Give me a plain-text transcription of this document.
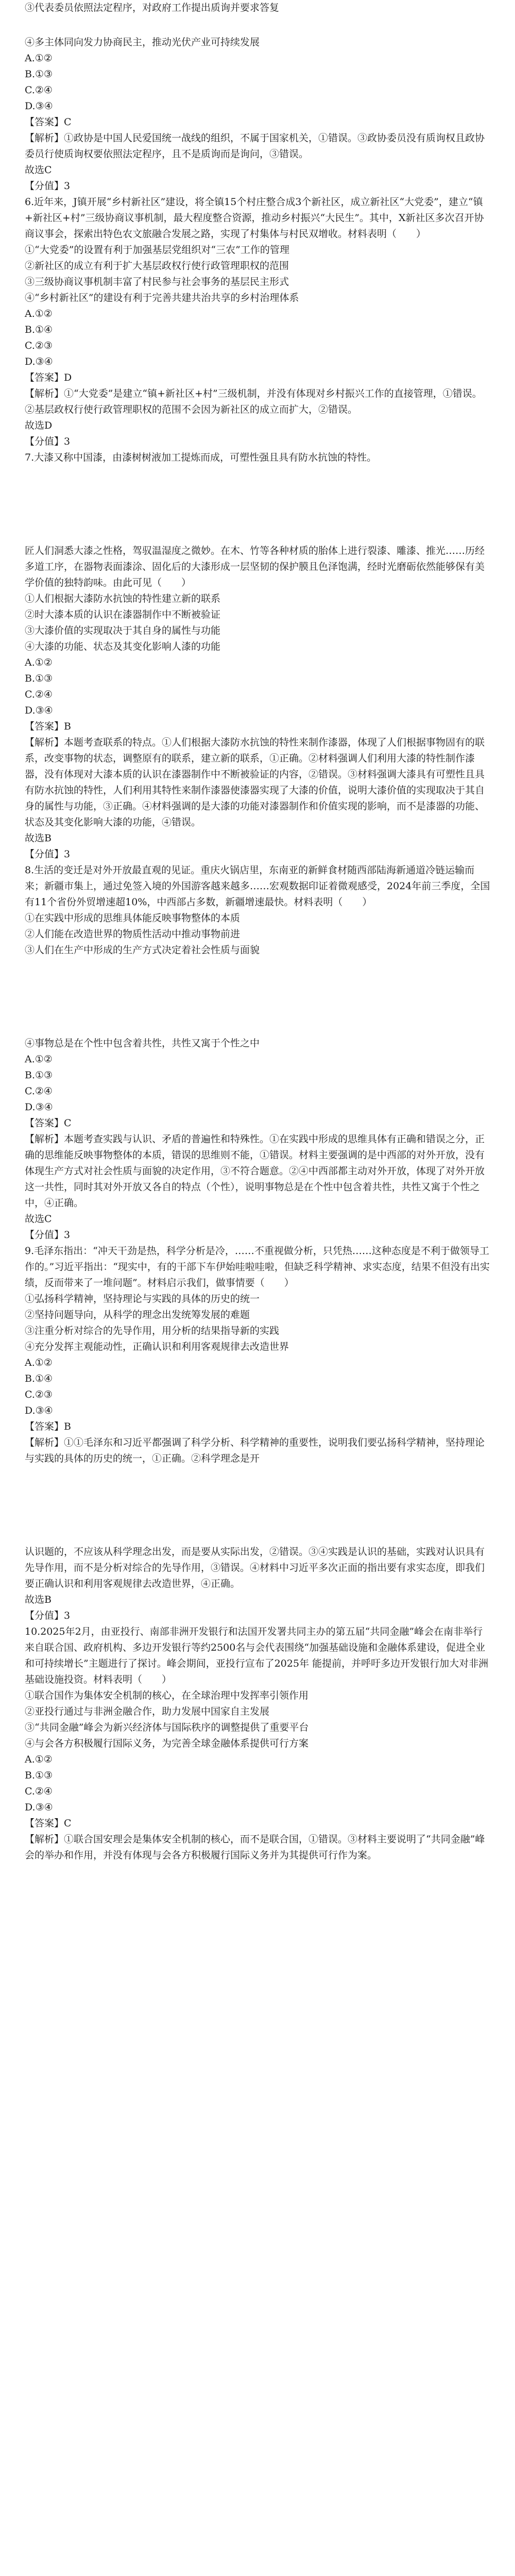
③代表委员依照法定程序，对政府工作提出质询并要求答复

④多主体同向发力协商民主，推动光伏产业可持续发展

A.①②

B.①③

C.②④

D.③④

【答案】C

【解析】①政协是中国人民爱国统一战线的组织，不属于国家机关，①错误。③政协委员没有质询权且政协委员行使质询权要依照法定程序，且不是质询而是询问，③错误。

故选C

【分值】3

6.近年来，J镇开展“乡村新社区”建设，将全镇15个村庄整合成3个新社区，成立新社区“大党委”，建立“镇+新社区+村”三级协商议事机制，最大程度整合资源，推动乡村振兴“大民生”。其中，X新社区多次召开协商议事会，探索出特色农文旅融合发展之路，实现了村集体与村民双增收。材料表明（　　）

①“大党委”的设置有利于加强基层党组织对“三农”工作的管理

②新社区的成立有利于扩大基层政权行使行政管理职权的范围

③三级协商议事机制丰富了村民参与社会事务的基层民主形式

④“乡村新社区”的建设有利于完善共建共治共享的乡村治理体系

A.①②

B.①④

C.②③

D.③④

【答案】D

【解析】①“大党委”是建立“镇+新社区+村”三级机制，并没有体现对乡村振兴工作的直接管理，①错误。②基层政权行使行政管理职权的范围不会因为新社区的成立而扩大，②错误。

故选D

【分值】3

7.大漆又称中国漆，由漆树树液加工提炼而成，可塑性强且具有防水抗蚀的特性。

匠人们洞悉大漆之性格，驾驭温湿度之微妙。在木、竹等各种材质的胎体上进行裂漆、雕漆、推光……历经多道工序，在器物表面漆涂、固化后的大漆形成一层坚韧的保护膜且色泽饱满，经时光磨砺依然能够保有美学价值的独特韵味。由此可见（　　）

①人们根据大漆防水抗蚀的特性建立新的联系

②时大漆本质的认识在漆器制作中不断被验证

③大漆价值的实现取决于其自身的属性与功能

④大漆的功能、状态及其变化影响人漆的功能

A.①②

B.①③

C.②④

D.③④

【答案】B

【解析】本题考查联系的特点。①人们根据大漆防水抗蚀的特性来制作漆器，体现了人们根据事物固有的联系，改变事物的状态，调整原有的联系，建立新的联系，①正确。②材料强调人们利用大漆的特性制作漆器，没有体现对大漆本质的认识在漆器制作中不断被验证的内容，②错误。③材料强调大漆具有可塑性且具有防水抗蚀的特性，人们利用其特性来制作漆器使漆器实现了大漆的价值，说明大漆价值的实现取决于其自身的属性与功能，③正确。④材料强调的是大漆的功能对漆器制作和价值实现的影响，而不是漆器的功能、状态及其变化影响大漆的功能，④错误。

故选B

【分值】3

8.生活的变迁是对外开放最直观的见证。重庆火锅店里，东南亚的新鲜食材随西部陆海新通道冷链运输而来；新疆市集上，通过免签入境的外国游客越来越多……宏观数据印证着微观感受，2024年前三季度，全国有11个省份外贸增速超10%，中西部占多数，新疆增速最快。材料表明（　　）

①在实践中形成的思维具体能反映事物整体的本质

②人们能在改造世界的物质性活动中推动事物前进

③人们在生产中形成的生产方式决定着社会性质与面貌

④事物总是在个性中包含着共性，共性又寓于个性之中

A.①②

B.①③

C.②④

D.③④

【答案】C

【解析】本题考查实践与认识、矛盾的普遍性和特殊性。①在实践中形成的思维具体有正确和错误之分，正确的思维能反映事物整体的本质，错误的思维则不能，①错误。材料主要强调的是中西部的对外开放，没有体现生产方式对社会性质与面貌的决定作用，③不符合题意。②④中西部都主动对外开放，体现了对外开放这一共性，同时其对外开放又各自的特点（个性），说明事物总是在个性中包含着共性，共性又寓于个性之中，④正确。

故选C

【分值】3

9.毛泽东指出：“冲天干劲是热，科学分析是冷，……不重视做分析，只凭热……这种态度是不利于做领导工作的。”习近平指出：“现实中，有的干部下车伊始哇啦哇啦，但缺乏科学精神、求实态度，结果不但没有出实绩，反而带来了一堆问题”。材料启示我们，做事情要（　　）

①弘扬科学精神，坚持理论与实践的具体的历史的统一

②坚持问题导向，从科学的理念出发统筹发展的难题

③注重分析对综合的先导作用，用分析的结果指导新的实践

④充分发挥主观能动性，正确认识和利用客观规律去改造世界

A.①②

B.①④

C.②③

D.③④

【答案】B

【解析】①①毛泽东和习近平都强调了科学分析、科学精神的重要性，说明我们要弘扬科学精神，坚持理论与实践的具体的历史的统一，①正确。②科学理念是开

认识题的，不应该从科学理念出发，而是要从实际出发，②错误。③④实践是认识的基础，实践对认识具有先导作用，而不是分析对综合的先导作用，③错误。④材料中习近平多次正面的指出要有求实态度，即我们要正确认识和利用客观规律去改造世界，④正确。

故选B

【分值】3

10.2025年2月，由亚投行、南部非洲开发银行和法国开发署共同主办的第五届“共同金融”峰会在南非举行来自联合国、政府机构、多边开发银行等约2500名与会代表围绕“加强基础设施和金融体系建设，促进全业和可持续增长”主题进行了探讨。峰会期间，亚投行宣布了2025年 能提前，并呼吁多边开发银行加大对非洲基础设施投资。材料表明（　　）

①联合国作为集体安全机制的核心，在全球治理中发挥率引领作用

②亚投行通过与非洲金融合作，助力发展中国家自主发展

③“共同金融”峰会为新兴经济体与国际秩序的调整提供了重要平台

④与会各方积极履行国际义务，为完善全球金融体系提供可行方案

A.①②

B.①③

C.②④

D.③④

【答案】C

【解析】①联合国安理会是集体安全机制的核心，而不是联合国，①错误。③材料主要说明了“共同金融”峰会的举办和作用，并没有体现与会各方积极履行国际义务并为其提供可行作为案。
